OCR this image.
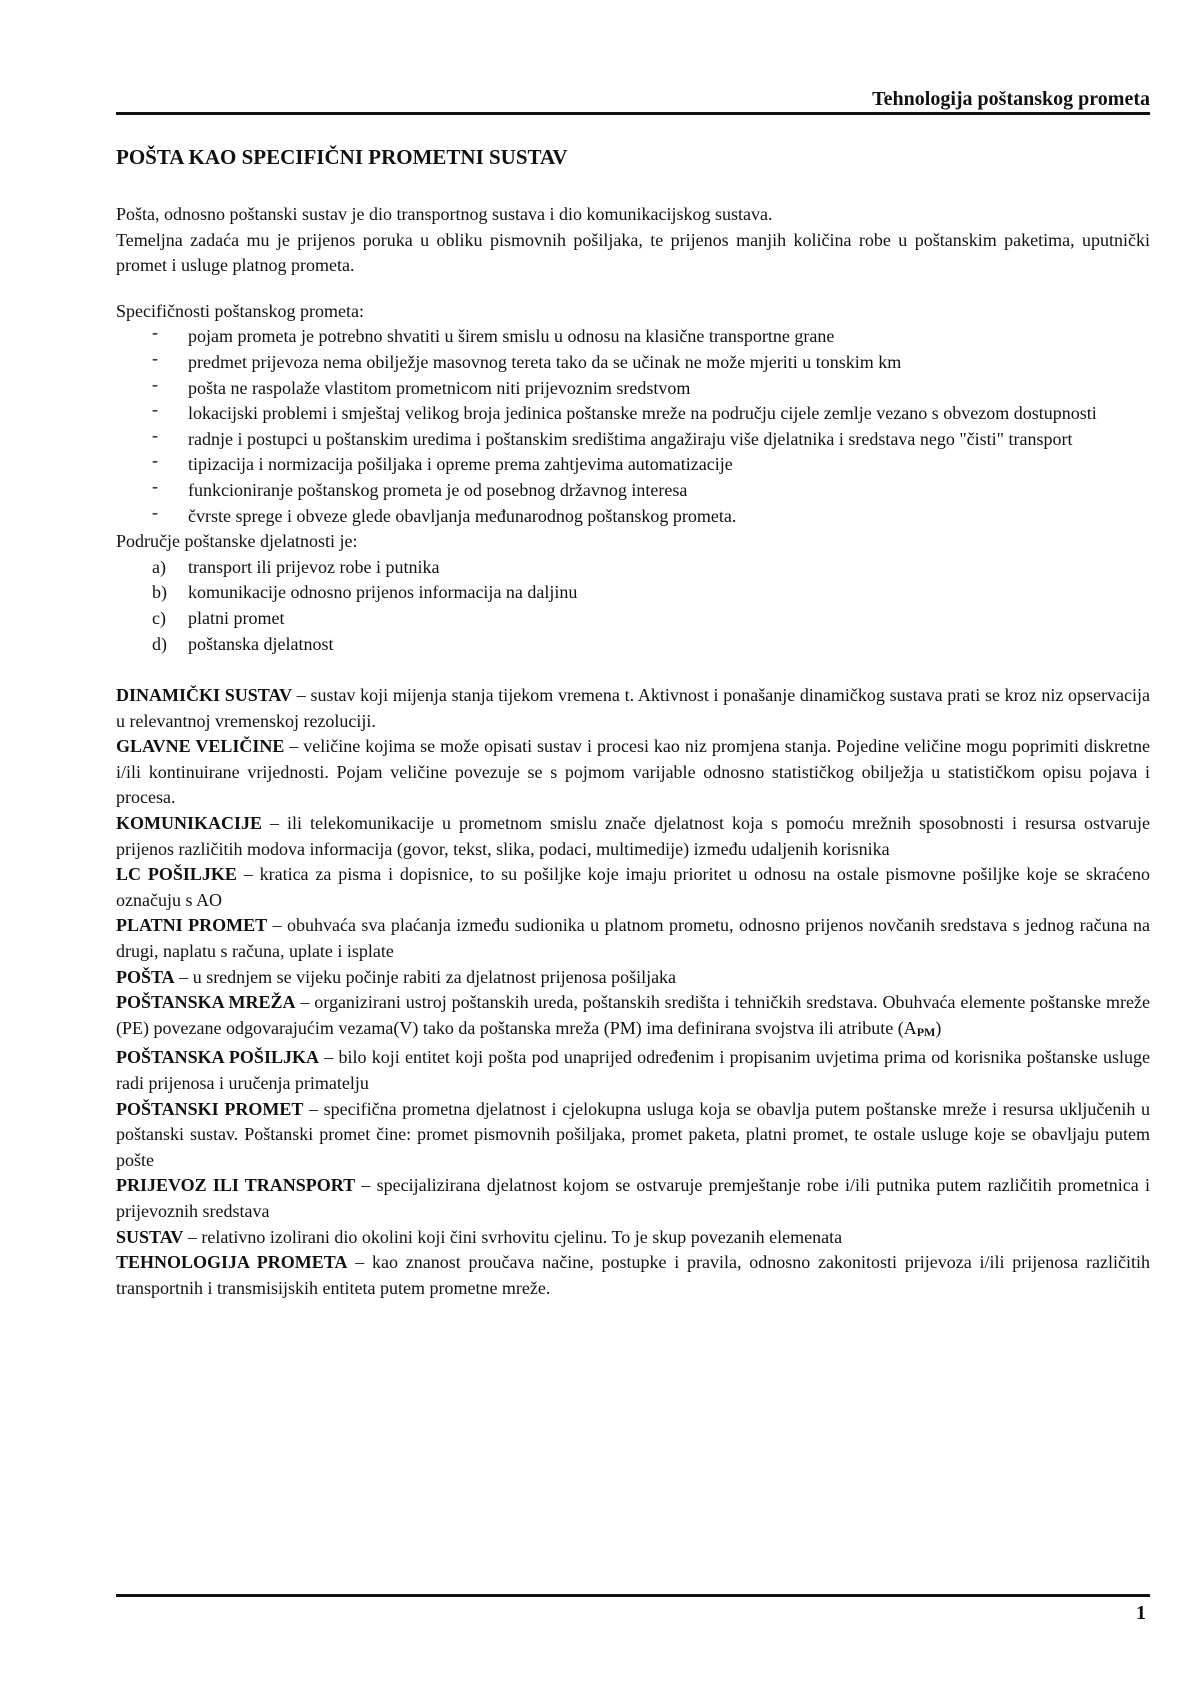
Tehnologija poštanskog prometa
POŠTA KAO SPECIFIČNI PROMETNI SUSTAV

Pošta, odnosno poštanski sustav je dio transportnog sustava i dio komunikacijskog sustava.

Temeljna zadaća mu je prijenos poruka u obliku pismovnih pošiljaka, te prijenos manjih količina robe u poštanskim paketima, uputnički promet i usluge platnog prometa.

Specifičnosti poštanskog prometa:

- pojam prometa je potrebno shvatiti u širem smislu u odnosu na klasične transportne grane
- predmet prijevoza nema obilježje masovnog tereta tako da se učinak ne može mjeriti u tonskim km
- pošta ne raspolaže vlastitom prometnicom niti prijevoznim sredstvom
- lokacijski problemi i smještaj velikog broja jedinica poštanske mreže na području cijele zemlje vezano s obvezom dostupnosti
- radnje i postupci u poštanskim uredima i poštanskim središtima angažiraju više djelatnika i sredstava nego "čisti" transport
- tipizacija i normizacija pošiljaka i opreme prema zahtjevima automatizacije
- funkcioniranje poštanskog prometa je od posebnog državnog interesa
- čvrste sprege i obveze glede obavljanja međunarodnog poštanskog prometa.

Područje poštanske djelatnosti je:

a) transport ili prijevoz robe i putnika
b) komunikacije odnosno prijenos informacija na daljinu
c) platni promet
d) poštanska djelatnost

DINAMIČKI SUSTAV – sustav koji mijenja stanja tijekom vremena t. Aktivnost i ponašanje dinamičkog sustava prati se kroz niz opservacija u relevantnoj vremenskoj rezoluciji.

GLAVNE VELIČINE – veličine kojima se može opisati sustav i procesi kao niz promjena stanja. Pojedine veličine mogu poprimiti diskretne i/ili kontinuirane vrijednosti. Pojam veličine povezuje se s pojmom varijable odnosno statističkog obilježja u statističkom opisu pojava i procesa.

KOMUNIKACIJE – ili telekomunikacije u prometnom smislu znače djelatnost koja s pomoću mrežnih sposobnosti i resursa ostvaruje prijenos različitih modova informacija (govor, tekst, slika, podaci, multimedije) između udaljenih korisnika

LC POŠILJKE – kratica za pisma i dopisnice, to su pošiljke koje imaju prioritet u odnosu na ostale pismovne pošiljke koje se skraćeno označuju s AO

PLATNI PROMET – obuhvaća sva plaćanja između sudionika u platnom prometu, odnosno prijenos novčanih sredstava s jednog računa na drugi, naplatu s računa, uplate i isplate

POŠTA – u srednjem se vijeku počinje rabiti za djelatnost prijenosa pošiljaka

POŠTANSKA MREŽA – organizirani ustroj poštanskih ureda, poštanskih središta i tehničkih sredstava. Obuhvaća elemente poštanske mreže (PE) povezane odgovarajućim vezama(V) tako da poštanska mreža (PM) ima definirana svojstva ili atribute $(A_{PM})$

POŠTANSKA POŠILJKA – bilo koji entitet koji pošta pod unaprijed određenim i propisanim uvjetima prima od korisnika poštanske usluge radi prijenosa i uručenja primatelju

POŠTANSKI PROMET – specifična prometna djelatnost i cjelokupna usluga koja se obavlja putem poštanske mreže i resursa uključenih u poštanski sustav. Poštanski promet čine: promet pismovnih pošiljaka, promet paketa, platni promet, te ostale usluge koje se obavljaju putem pošte

PRIJEVOZ ILI TRANSPORT – specijalizirana djelatnost kojom se ostvaruje premještanje robe i/ili putnika putem različitih prometnica i prijevoznih sredstava

SUSTAV – relativno izolirani dio okolini koji čini svrhovitu cjelinu. To je skup povezanih elemenata

TEHNOLOGIJA PROMETA – kao znanost proučava načine, postupke i pravila, odnosno zakonitosti prijevoza i/ili prijenosa različitih transportnih i transmisijskih entiteta putem prometne mreže.

1
